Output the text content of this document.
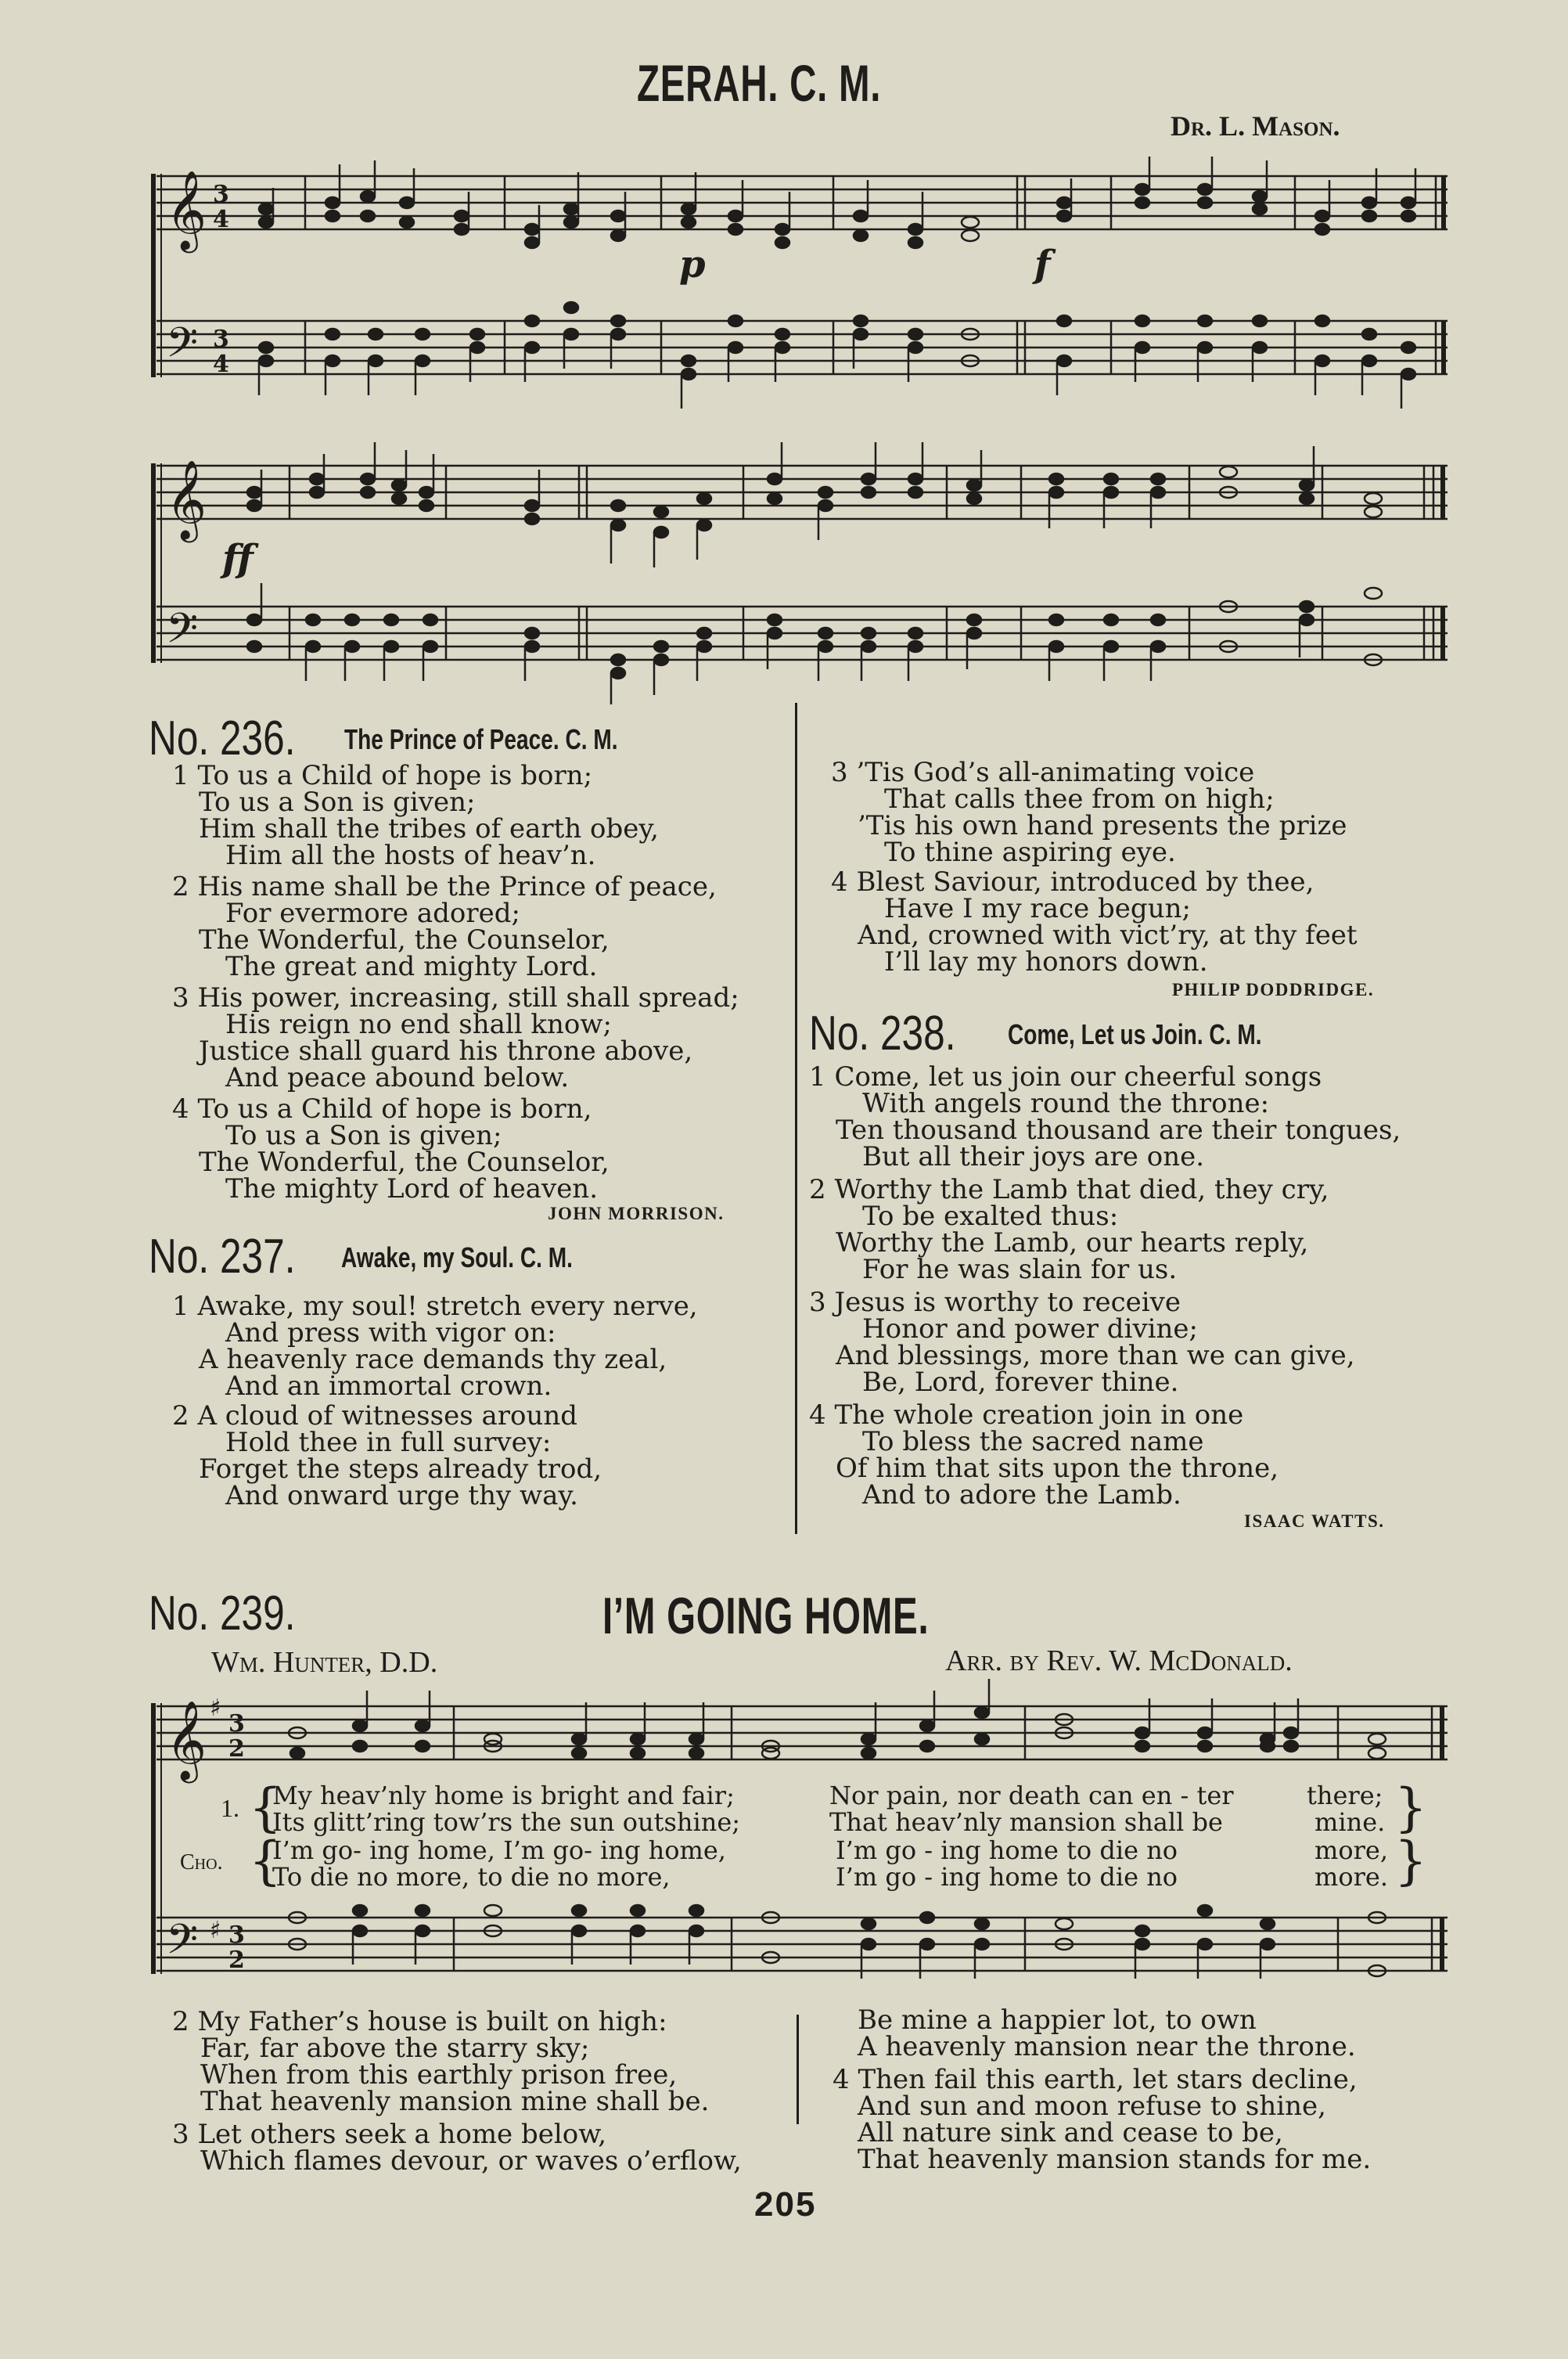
ZERAH. C. M.
Dr. L. Mason.
𝄞
𝄢
3
4
3
4
p	f
𝄞
𝄢
ff
No. 236. The Prince of Peace. C. M.
1 To us a Child of hope is born;
To us a Son is given;
Him shall the tribes of earth obey,
Him all the hosts of heav’n.
2 His name shall be the Prince of peace,
For evermore adored;
The Wonderful, the Counselor,
The great and mighty Lord.
3 His power, increasing, still shall spread;
His reign no end shall know;
Justice shall guard his throne above,
And peace abound below.
4 To us a Child of hope is born,
To us a Son is given;
The Wonderful, the Counselor,
The mighty Lord of heaven.
JOHN MORRISON.
No. 237. Awake, my Soul. C. M.
1 Awake, my soul! stretch every nerve,
And press with vigor on:
A heavenly race demands thy zeal,
And an immortal crown.
2 A cloud of witnesses around
Hold thee in full survey:
Forget the steps already trod,
And onward urge thy way.
3 ’Tis God’s all-animating voice
That calls thee from on high;
’Tis his own hand presents the prize
To thine aspiring eye.
4 Blest Saviour, introduced by thee,
Have I my race begun;
And, crowned with vict’ry, at thy feet
I’ll lay my honors down.
PHILIP DODDRIDGE.
No. 238. Come, Let us Join. C. M.
1 Come, let us join our cheerful songs
With angels round the throne:
Ten thousand thousand are their tongues,
But all their joys are one.
2 Worthy the Lamb that died, they cry,
To be exalted thus:
Worthy the Lamb, our hearts reply,
For he was slain for us.
3 Jesus is worthy to receive
Honor and power divine;
And blessings, more than we can give,
Be, Lord, forever thine.
4 The whole creation join in one
To bless the sacred name
Of him that sits upon the throne,
And to adore the Lamb.
ISAAC WATTS.
No. 239.	I’M GOING HOME.
Wm. Hunter, D.D.	Arr. by Rev. W. McDonald.
𝄞
𝄢
♯
♯
3
2
3
2
1.
Cho.
{
{
My heav’nly home is bright and fair;	Nor pain, nor death can en - ter	there;
Its glitt’ring tow’rs the sun outshine;	That heav’nly mansion shall be	mine.
I’m go- ing home, I’m go- ing home,	I’m go - ing home to die no	more,
To die no more, to die no more,	I’m go - ing home to die no	more.
}
}
2 My Father’s house is built on high:
Far, far above the starry sky;
When from this earthly prison free,
That heavenly mansion mine shall be.
3 Let others seek a home below,
Which flames devour, or waves o’erflow,
Be mine a happier lot, to own
A heavenly mansion near the throne.
4 Then fail this earth, let stars decline,
And sun and moon refuse to shine,
All nature sink and cease to be,
That heavenly mansion stands for me.
205
